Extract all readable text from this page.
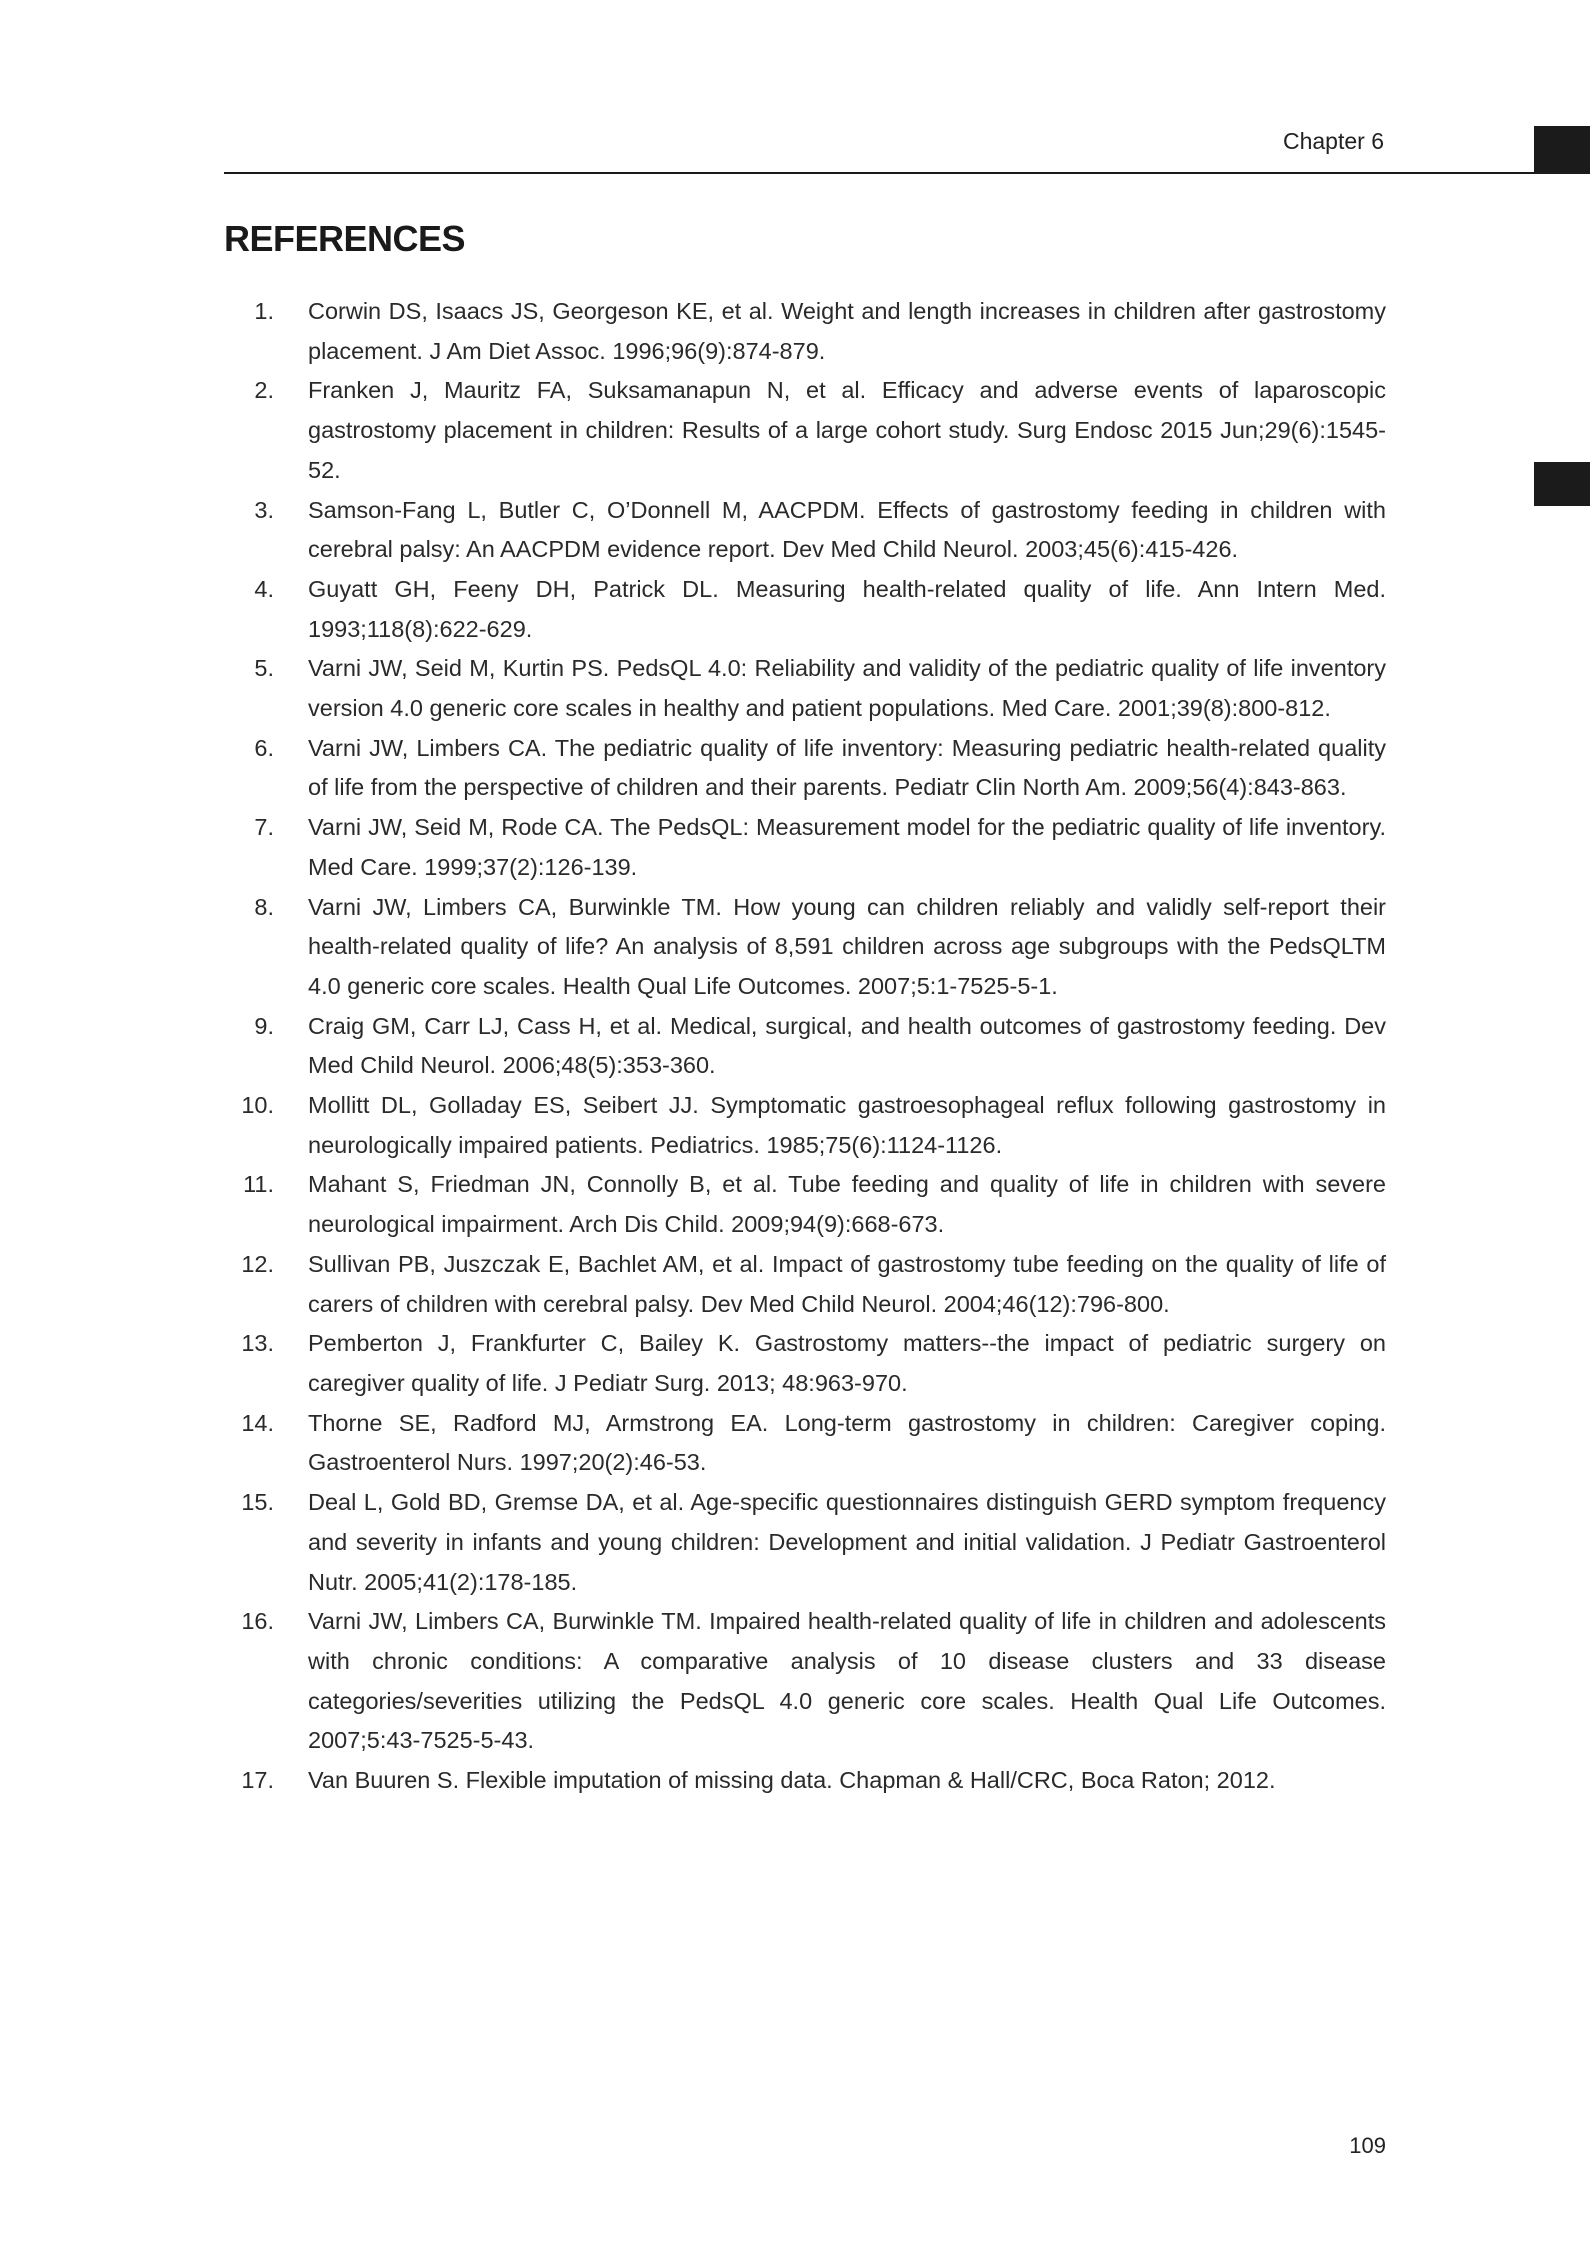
Chapter 6
REFERENCES
1. Corwin DS, Isaacs JS, Georgeson KE, et al. Weight and length increases in children after gastrostomy placement. J Am Diet Assoc. 1996;96(9):874-879.
2. Franken J, Mauritz FA, Suksamanapun N, et al. Efficacy and adverse events of laparoscopic gastrostomy placement in children: Results of a large cohort study. Surg Endosc 2015 Jun;29(6):1545-52.
3. Samson-Fang L, Butler C, O’Donnell M, AACPDM. Effects of gastrostomy feeding in children with cerebral palsy: An AACPDM evidence report. Dev Med Child Neurol. 2003;45(6):415-426.
4. Guyatt GH, Feeny DH, Patrick DL. Measuring health-related quality of life. Ann Intern Med. 1993;118(8):622-629.
5. Varni JW, Seid M, Kurtin PS. PedsQL 4.0: Reliability and validity of the pediatric quality of life inventory version 4.0 generic core scales in healthy and patient populations. Med Care. 2001;39(8):800-812.
6. Varni JW, Limbers CA. The pediatric quality of life inventory: Measuring pediatric health-related quality of life from the perspective of children and their parents. Pediatr Clin North Am. 2009;56(4):843-863.
7. Varni JW, Seid M, Rode CA. The PedsQL: Measurement model for the pediatric quality of life inventory. Med Care. 1999;37(2):126-139.
8. Varni JW, Limbers CA, Burwinkle TM. How young can children reliably and validly self-report their health-related quality of life? An analysis of 8,591 children across age subgroups with the PedsQLTM 4.0 generic core scales. Health Qual Life Outcomes. 2007;5:1-7525-5-1.
9. Craig GM, Carr LJ, Cass H, et al. Medical, surgical, and health outcomes of gastrostomy feeding. Dev Med Child Neurol. 2006;48(5):353-360.
10. Mollitt DL, Golladay ES, Seibert JJ. Symptomatic gastroesophageal reflux following gastrostomy in neurologically impaired patients. Pediatrics. 1985;75(6):1124-1126.
11. Mahant S, Friedman JN, Connolly B, et al. Tube feeding and quality of life in children with severe neurological impairment. Arch Dis Child. 2009;94(9):668-673.
12. Sullivan PB, Juszczak E, Bachlet AM, et al. Impact of gastrostomy tube feeding on the quality of life of carers of children with cerebral palsy. Dev Med Child Neurol. 2004;46(12):796-800.
13. Pemberton J, Frankfurter C, Bailey K. Gastrostomy matters--the impact of pediatric surgery on caregiver quality of life. J Pediatr Surg. 2013; 48:963-970.
14. Thorne SE, Radford MJ, Armstrong EA. Long-term gastrostomy in children: Caregiver coping. Gastroenterol Nurs. 1997;20(2):46-53.
15. Deal L, Gold BD, Gremse DA, et al. Age-specific questionnaires distinguish GERD symptom frequency and severity in infants and young children: Development and initial validation. J Pediatr Gastroenterol Nutr. 2005;41(2):178-185.
16. Varni JW, Limbers CA, Burwinkle TM. Impaired health-related quality of life in children and adolescents with chronic conditions: A comparative analysis of 10 disease clusters and 33 disease categories/severities utilizing the PedsQL 4.0 generic core scales. Health Qual Life Outcomes. 2007;5:43-7525-5-43.
17. Van Buuren S. Flexible imputation of missing data. Chapman & Hall/CRC, Boca Raton; 2012.
109
